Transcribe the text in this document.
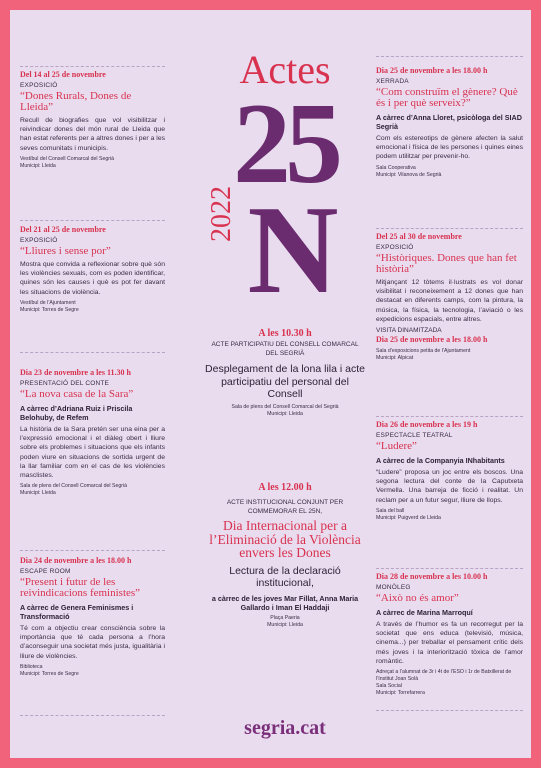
Del 14 al 25 de novembre
EXPOSICIÓ
“Dones Rurals, Dones de Lleida”
Recull de biografies que vol visibilitzar i reivindicar dones del món rural de Lleida que han estat referents per a altres dones i per a les seves comunitats i municipis.
Vestíbul del Consell Comarcal del Segrià
Municipi: Lleida
Del 21 al 25 de novembre
EXPOSICIÓ
“Lliures i sense por”
Mostra que convida a reflexionar sobre què són les violències sexuals, com es poden identificar, quines són les causes i què es pot fer davant les situacions de violència.
Vestíbul de l’Ajuntament
Municipi: Torres de Segre
Dia 23 de novembre a les 11.30 h
PRESENTACIÓ DEL CONTE
“La nova casa de la Sara”
A càrrec d’Adriana Ruiz i Priscila Belohuby, de Refem
La història de la Sara pretén ser una eina per a l’expressió emocional i el diàleg obert i lliure sobre els problemes i situacions que els infants poden viure en situacions de sortida urgent de la llar familiar com en el cas de les violències masclistes.
Sala de plens del Consell Comarcal del Segrià
Municipi: Lleida
Dia 24 de novembre a les 18.00 h
ESCAPE ROOM
“Present i futur de les reivindicacions feministes”
A càrrec de Genera Feminismes i Transformació
Té com a objectiu crear consciència sobre la importància que té cada persona a l’hora d’aconseguir una societat més justa, igualitària i lliure de violències.
Biblioteca
Municipi: Torres de Segre
Actes
25
2022 N
A les 10.30 h
ACTE PARTICIPATIU DEL CONSELL COMARCAL DEL SEGRIÀ
Desplegament de la lona lila i acte participatiu del personal del Consell
Sala de plens del Consell Comarcal del Segrià
Municipi: Lleida
A les 12.00 h
ACTE INSTITUCIONAL CONJUNT PER COMMEMORAR EL 25N,
Dia Internacional per a l’Eliminació de la Violència envers les Dones
Lectura de la declaració institucional,
a càrrec de les joves Mar Fillat, Anna Maria Gallardo i Iman El Haddaji
Plaça Paeria
Municipi: Lleida
segria.cat
Dia 25 de novembre a les 18.00 h
XERRADA
“Com construïm el gènere? Què és i per què serveix?”
A càrrec d’Anna Lloret, psicòloga del SIAD Segrià
Com els estereotips de gènere afecten la salut emocional i física de les persones i quines eines podem utilitzar per prevenir-ho.
Sala Cooperativa
Municipi: Vilanova de Segrià
Del 25 al 30 de novembre
EXPOSICIÓ
“Històriques. Dones que han fet història”
Mitjançant 12 tòtems il·lustrats es vol donar visibilitat i reconeixement a 12 dones que han destacat en diferents camps, com la pintura, la música, la física, la tecnologia, l’aviació o les expedicions espacials, entre altres.
VISITA DINAMITZADA
Dia 25 de novembre a les 18.00 h
Sala d’exposicions petita de l’Ajuntament
Municipi: Alpicat
Dia 26 de novembre a les 19 h
ESPECTACLE TEATRAL
“Ludere”
A càrrec de la Companyia INhabitants
“Ludere” proposa un joc entre els boscos. Una segona lectura del conte de la Caputxeta Vermella. Una barreja de ficció i realitat. Un reclam per a un futur segur, lliure de llops.
Sala del ball
Municipi: Puigverd de Lleida
Dia 28 de novembre a les 10.00 h
MONÒLEG
“Això no és amor”
A càrrec de Marina Marroquí
A través de l’humor es fa un recorregut per la societat que ens educa (televisió, música, cinema...) per treballar el pensament crític dels més joves i la interiorització tòxica de l’amor romàntic.
Adreçat a l’alumnat de 3r i 4t de l’ESO i 1r de Batxillerat de l’Institut Joan Solà
Sala Social
Municipi: Torrefarrera
